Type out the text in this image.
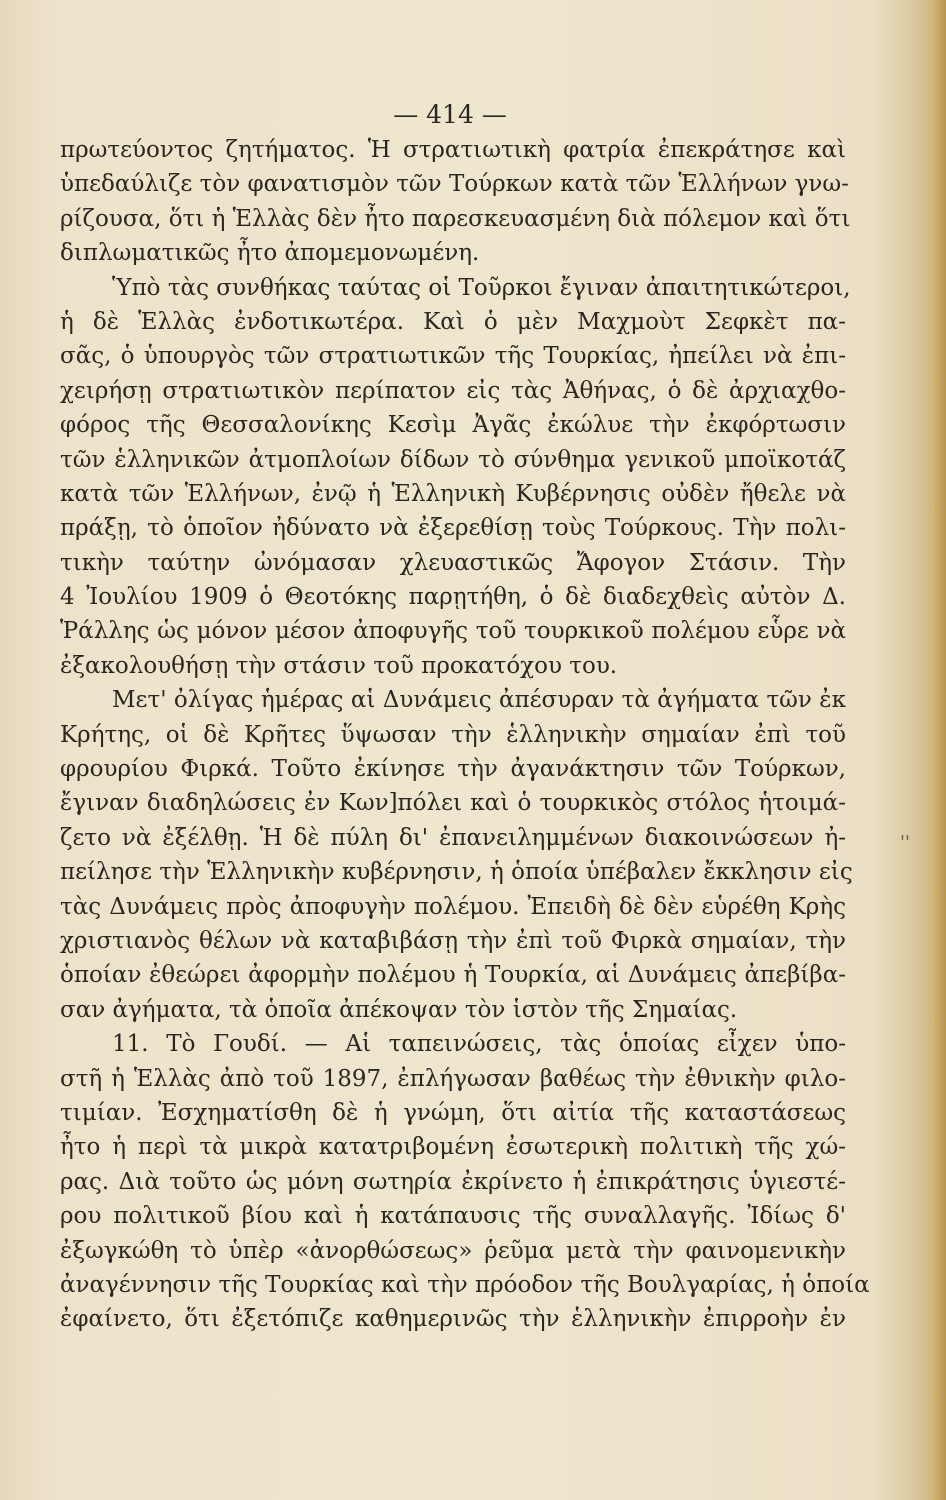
— 414 —
πρωτεύοντος ζητήματος. Ἡ στρατιωτικὴ φατρία ἐπεκράτησε καὶ
ὑπεδαύλιζε τὸν φανατισμὸν τῶν Τούρκων κατὰ τῶν Ἑλλήνων γνω-
ρίζουσα, ὅτι ἡ Ἑλλὰς δὲν ἦτο παρεσκευασμένη διὰ πόλεμον καὶ ὅτι
διπλωματικῶς ἦτο ἀπομεμονωμένη.
Ὑπὸ τὰς συνθήκας ταύτας οἱ Τοῦρκοι ἔγιναν ἀπαιτητικώτεροι,
ἡ δὲ Ἑλλὰς ἐνδοτικωτέρα. Καὶ ὁ μὲν Μαχμοὺτ Σεφκὲτ πα-
σᾶς, ὁ ὑπουργὸς τῶν στρατιωτικῶν τῆς Τουρκίας, ἠπείλει νὰ ἐπι-
χειρήσῃ στρατιωτικὸν περίπατον εἰς τὰς Ἀθήνας, ὁ δὲ ἀρχιαχθο-
φόρος τῆς Θεσσαλονίκης Κεσὶμ Ἀγᾶς ἐκώλυε τὴν ἐκφόρτωσιν
τῶν ἑλληνικῶν ἀτμοπλοίων δίδων τὸ σύνθημα γενικοῦ μποϊκοτάζ
κατὰ τῶν Ἑλλήνων, ἐνῷ ἡ Ἑλληνικὴ Κυβέρνησις οὐδὲν ἤθελε νὰ
πράξῃ, τὸ ὁποῖον ἠδύνατο νὰ ἐξερεθίσῃ τοὺς Τούρκους. Τὴν πολι-
τικὴν ταύτην ὠνόμασαν χλευαστικῶς Ἄφογον Στάσιν. Τὴν
4 Ἰουλίου 1909 ὁ Θεοτόκης παρῃτήθη, ὁ δὲ διαδεχθεὶς αὐτὸν Δ.
Ῥάλλης ὡς μόνον μέσον ἀποφυγῆς τοῦ τουρκικοῦ πολέμου εὗρε νὰ
ἐξακολουθήσῃ τὴν στάσιν τοῦ προκατόχου του.
Μετ' ὀλίγας ἡμέρας αἱ Δυνάμεις ἀπέσυραν τὰ ἀγήματα τῶν ἐκ
Κρήτης, οἱ δὲ Κρῆτες ὕψωσαν τὴν ἑλληνικὴν σημαίαν ἐπὶ τοῦ
φρουρίου Φιρκά. Τοῦτο ἐκίνησε τὴν ἀγανάκτησιν τῶν Τούρκων,
ἔγιναν διαδηλώσεις ἐν Κων]πόλει καὶ ὁ τουρκικὸς στόλος ἡτοιμά-
ζετο νὰ ἐξέλθῃ. Ἡ δὲ πύλη δι' ἐπανειλημμένων διακοινώσεων ἠ-
πείλησε τὴν Ἑλληνικὴν κυβέρνησιν, ἡ ὁποία ὑπέβαλεν ἔκκλησιν εἰς
τὰς Δυνάμεις πρὸς ἀποφυγὴν πολέμου. Ἐπειδὴ δὲ δὲν εὑρέθη Κρὴς
χριστιανὸς θέλων νὰ καταβιβάσῃ τὴν ἐπὶ τοῦ Φιρκὰ σημαίαν, τὴν
ὁποίαν ἐθεώρει ἀφορμὴν πολέμου ἡ Τουρκία, αἱ Δυνάμεις ἀπεβίβα-
σαν ἀγήματα, τὰ ὁποῖα ἀπέκοψαν τὸν ἱστὸν τῆς Σημαίας.
11. Τὸ Γουδί. — Αἱ ταπεινώσεις, τὰς ὁποίας εἶχεν ὑπο-
στῆ ἡ Ἑλλὰς ἀπὸ τοῦ 1897, ἐπλήγωσαν βαθέως τὴν ἐθνικὴν φιλο-
τιμίαν. Ἐσχηματίσθη δὲ ἡ γνώμη, ὅτι αἰτία τῆς καταστάσεως
ἦτο ἡ περὶ τὰ μικρὰ κατατριβομένη ἐσωτερικὴ πολιτικὴ τῆς χώ-
ρας. Διὰ τοῦτο ὡς μόνη σωτηρία ἐκρίνετο ἡ ἐπικράτησις ὑγιεστέ-
ρου πολιτικοῦ βίου καὶ ἡ κατάπαυσις τῆς συναλλαγῆς. Ἰδίως δ'
ἐξωγκώθη τὸ ὑπὲρ «ἀνορθώσεως» ῥεῦμα μετὰ τὴν φαινομενικὴν
ἀναγέννησιν τῆς Τουρκίας καὶ τὴν πρόοδον τῆς Βουλγαρίας, ἡ ὁποία
ἐφαίνετο, ὅτι ἐξετόπιζε καθημερινῶς τὴν ἑλληνικὴν ἐπιρροὴν ἐν
''
